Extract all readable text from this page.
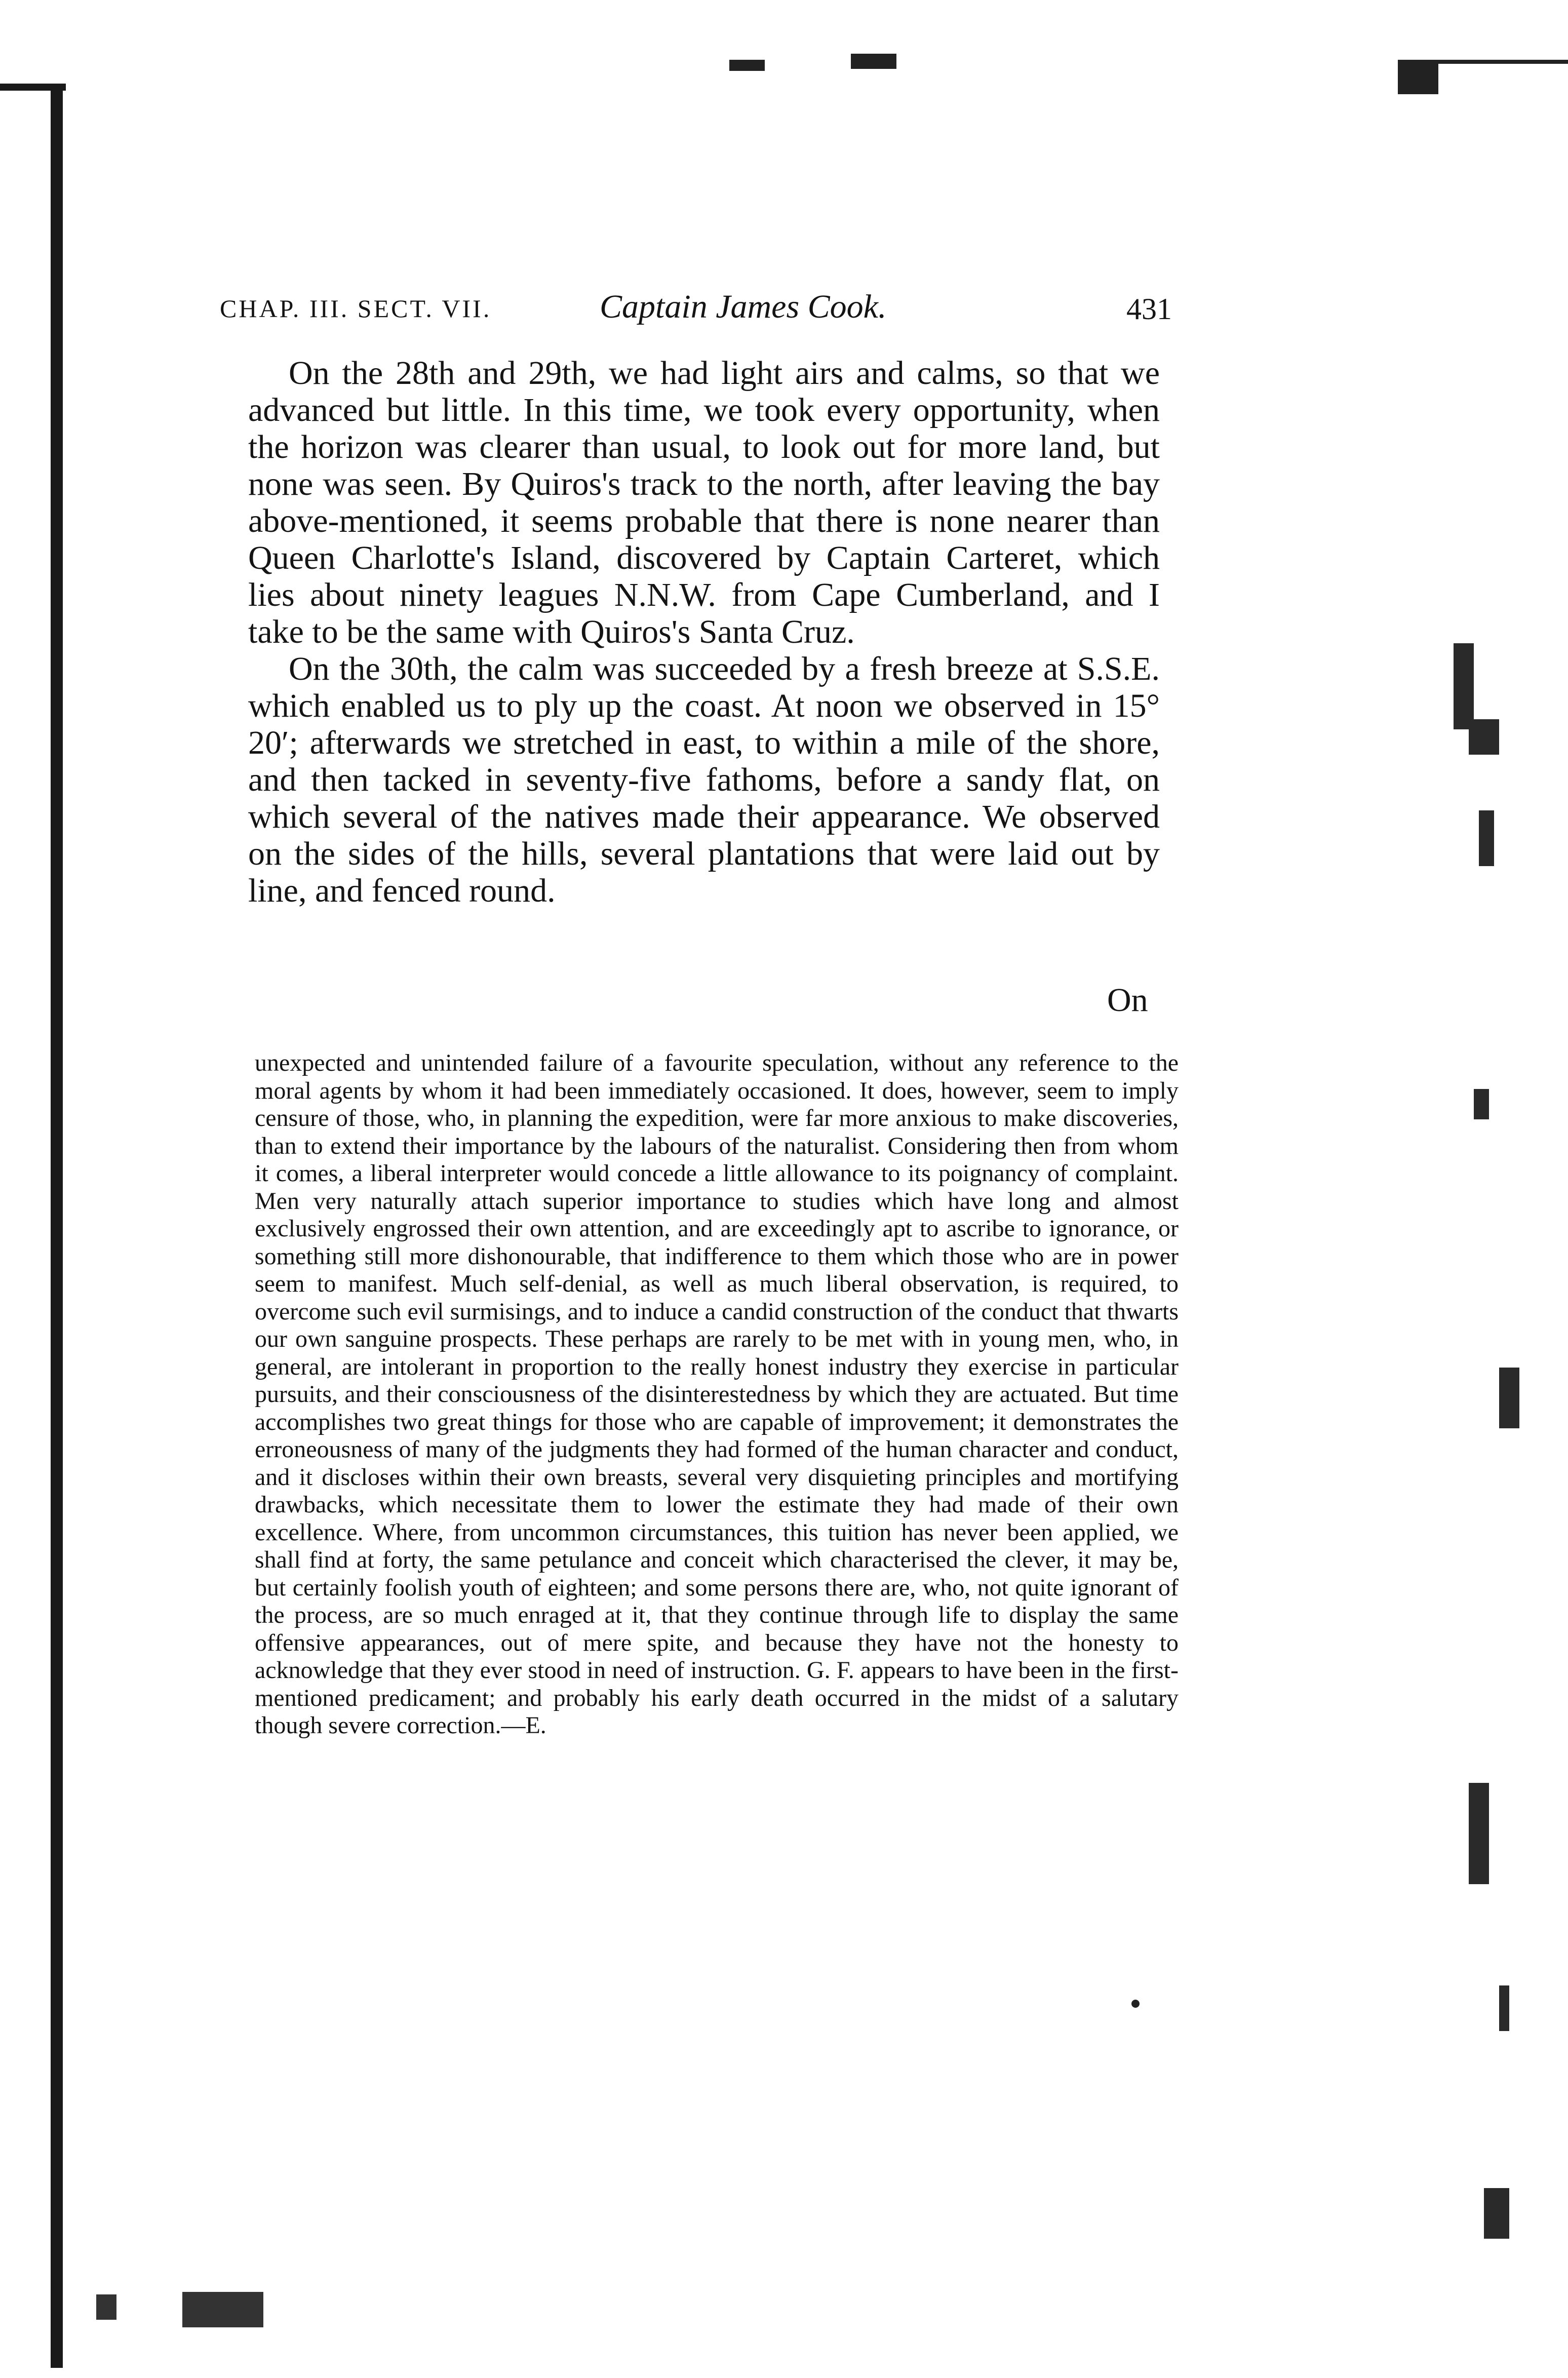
CHAP. III. SECT. VII.	Captain James Cook.	431

On the 28th and 29th, we had light airs and calms, so that we advanced but little. In this time, we took every opportunity, when the horizon was clearer than usual, to look out for more land, but none was seen. By Quiros's track to the north, after leaving the bay above-mentioned, it seems probable that there is none nearer than Queen Charlotte's Island, discovered by Captain Carteret, which lies about ninety leagues N.N.W. from Cape Cumberland, and I take to be the same with Quiros's Santa Cruz.

On the 30th, the calm was succeeded by a fresh breeze at S.S.E. which enabled us to ply up the coast. At noon we observed in 15° 20′; afterwards we stretched in east, to within a mile of the shore, and then tacked in seventy-five fathoms, before a sandy flat, on which several of the natives made their appearance. We observed on the sides of the hills, several plantations that were laid out by line, and fenced round.

On

unexpected and unintended failure of a favourite speculation, without any reference to the moral agents by whom it had been immediately occasioned. It does, however, seem to imply censure of those, who, in planning the expedition, were far more anxious to make discoveries, than to extend their importance by the labours of the naturalist. Considering then from whom it comes, a liberal interpreter would concede a little allowance to its poignancy of complaint. Men very naturally attach superior importance to studies which have long and almost exclusively engrossed their own attention, and are exceedingly apt to ascribe to ignorance, or something still more dishonourable, that indifference to them which those who are in power seem to manifest. Much self-denial, as well as much liberal observation, is required, to overcome such evil surmisings, and to induce a candid construction of the conduct that thwarts our own sanguine prospects. These perhaps are rarely to be met with in young men, who, in general, are intolerant in proportion to the really honest industry they exercise in particular pursuits, and their consciousness of the disinterestedness by which they are actuated. But time accomplishes two great things for those who are capable of improvement; it demonstrates the erroneousness of many of the judgments they had formed of the human character and conduct, and it discloses within their own breasts, several very disquieting principles and mortifying drawbacks, which necessitate them to lower the estimate they had made of their own excellence. Where, from uncommon circumstances, this tuition has never been applied, we shall find at forty, the same petulance and conceit which characterised the clever, it may be, but certainly foolish youth of eighteen; and some persons there are, who, not quite ignorant of the process, are so much enraged at it, that they continue through life to display the same offensive appearances, out of mere spite, and because they have not the honesty to acknowledge that they ever stood in need of instruction. G. F. appears to have been in the first-mentioned predicament; and probably his early death occurred in the midst of a salutary though severe correction.—E.
